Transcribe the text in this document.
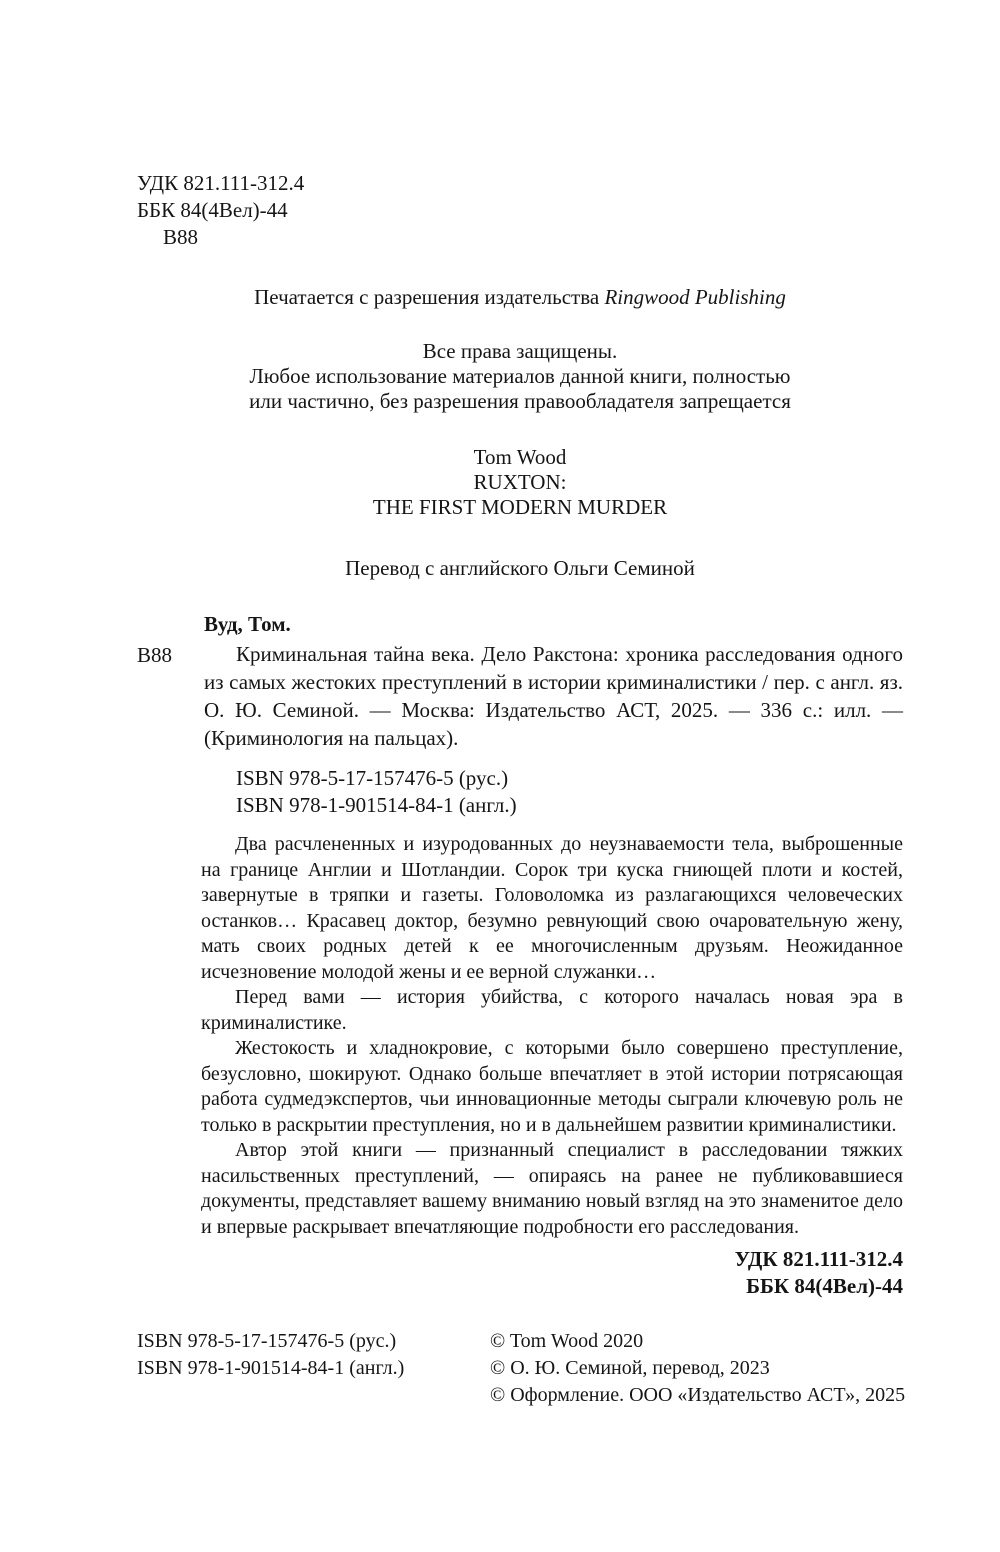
УДК 821.111-312.4
ББК 84(4Вел)-44
В88
Печатается с разрешения издательства Ringwood Publishing
Все права защищены.
Любое использование материалов данной книги, полностью
или частично, без разрешения правообладателя запрещается
Tom Wood
RUXTON:
THE FIRST MODERN MURDER
Перевод с английского Ольги Семиной
В88
Вуд, Том.

Криминальная тайна века. Дело Ракстона: хроника расследования одного из самых жестоких преступлений в истории криминалистики / пер. с англ. яз. О. Ю. Семиной. — Москва: Издательство АСТ, 2025. — 336 с.: илл. — (Криминология на пальцах).

ISBN 978-5-17-157476-5 (рус.)
ISBN 978-1-901514-84-1 (англ.)

Два расчлененных и изуродованных до неузнаваемости тела, выброшенные на границе Англии и Шотландии. Сорок три куска гниющей плоти и костей, завернутые в тряпки и газеты. Головоломка из разлагающихся человеческих останков… Красавец доктор, безумно ревнующий свою очаровательную жену, мать своих родных детей к ее многочисленным друзьям. Неожиданное исчезновение молодой жены и ее верной служанки…

Перед вами — история убийства, с которого началась новая эра в криминалистике.

Жестокость и хладнокровие, с которыми было совершено преступление, безусловно, шокируют. Однако больше впечатляет в этой истории потрясающая работа судмедэкспертов, чьи инновационные методы сыграли ключевую роль не только в раскрытии преступления, но и в дальнейшем развитии криминалистики.

Автор этой книги — признанный специалист в расследовании тяжких насильственных преступлений, — опираясь на ранее не публиковавшиеся документы, представляет вашему вниманию новый взгляд на это знаменитое дело и впервые раскрывает впечатляющие подробности его расследования.

УДК 821.111-312.4
ББК 84(4Вел)-44
ISBN 978-5-17-157476-5 (рус.)
ISBN 978-1-901514-84-1 (англ.)
© Tom Wood 2020
© О. Ю. Семиной, перевод, 2023
© Оформление. ООО «Издательство АСТ», 2025
